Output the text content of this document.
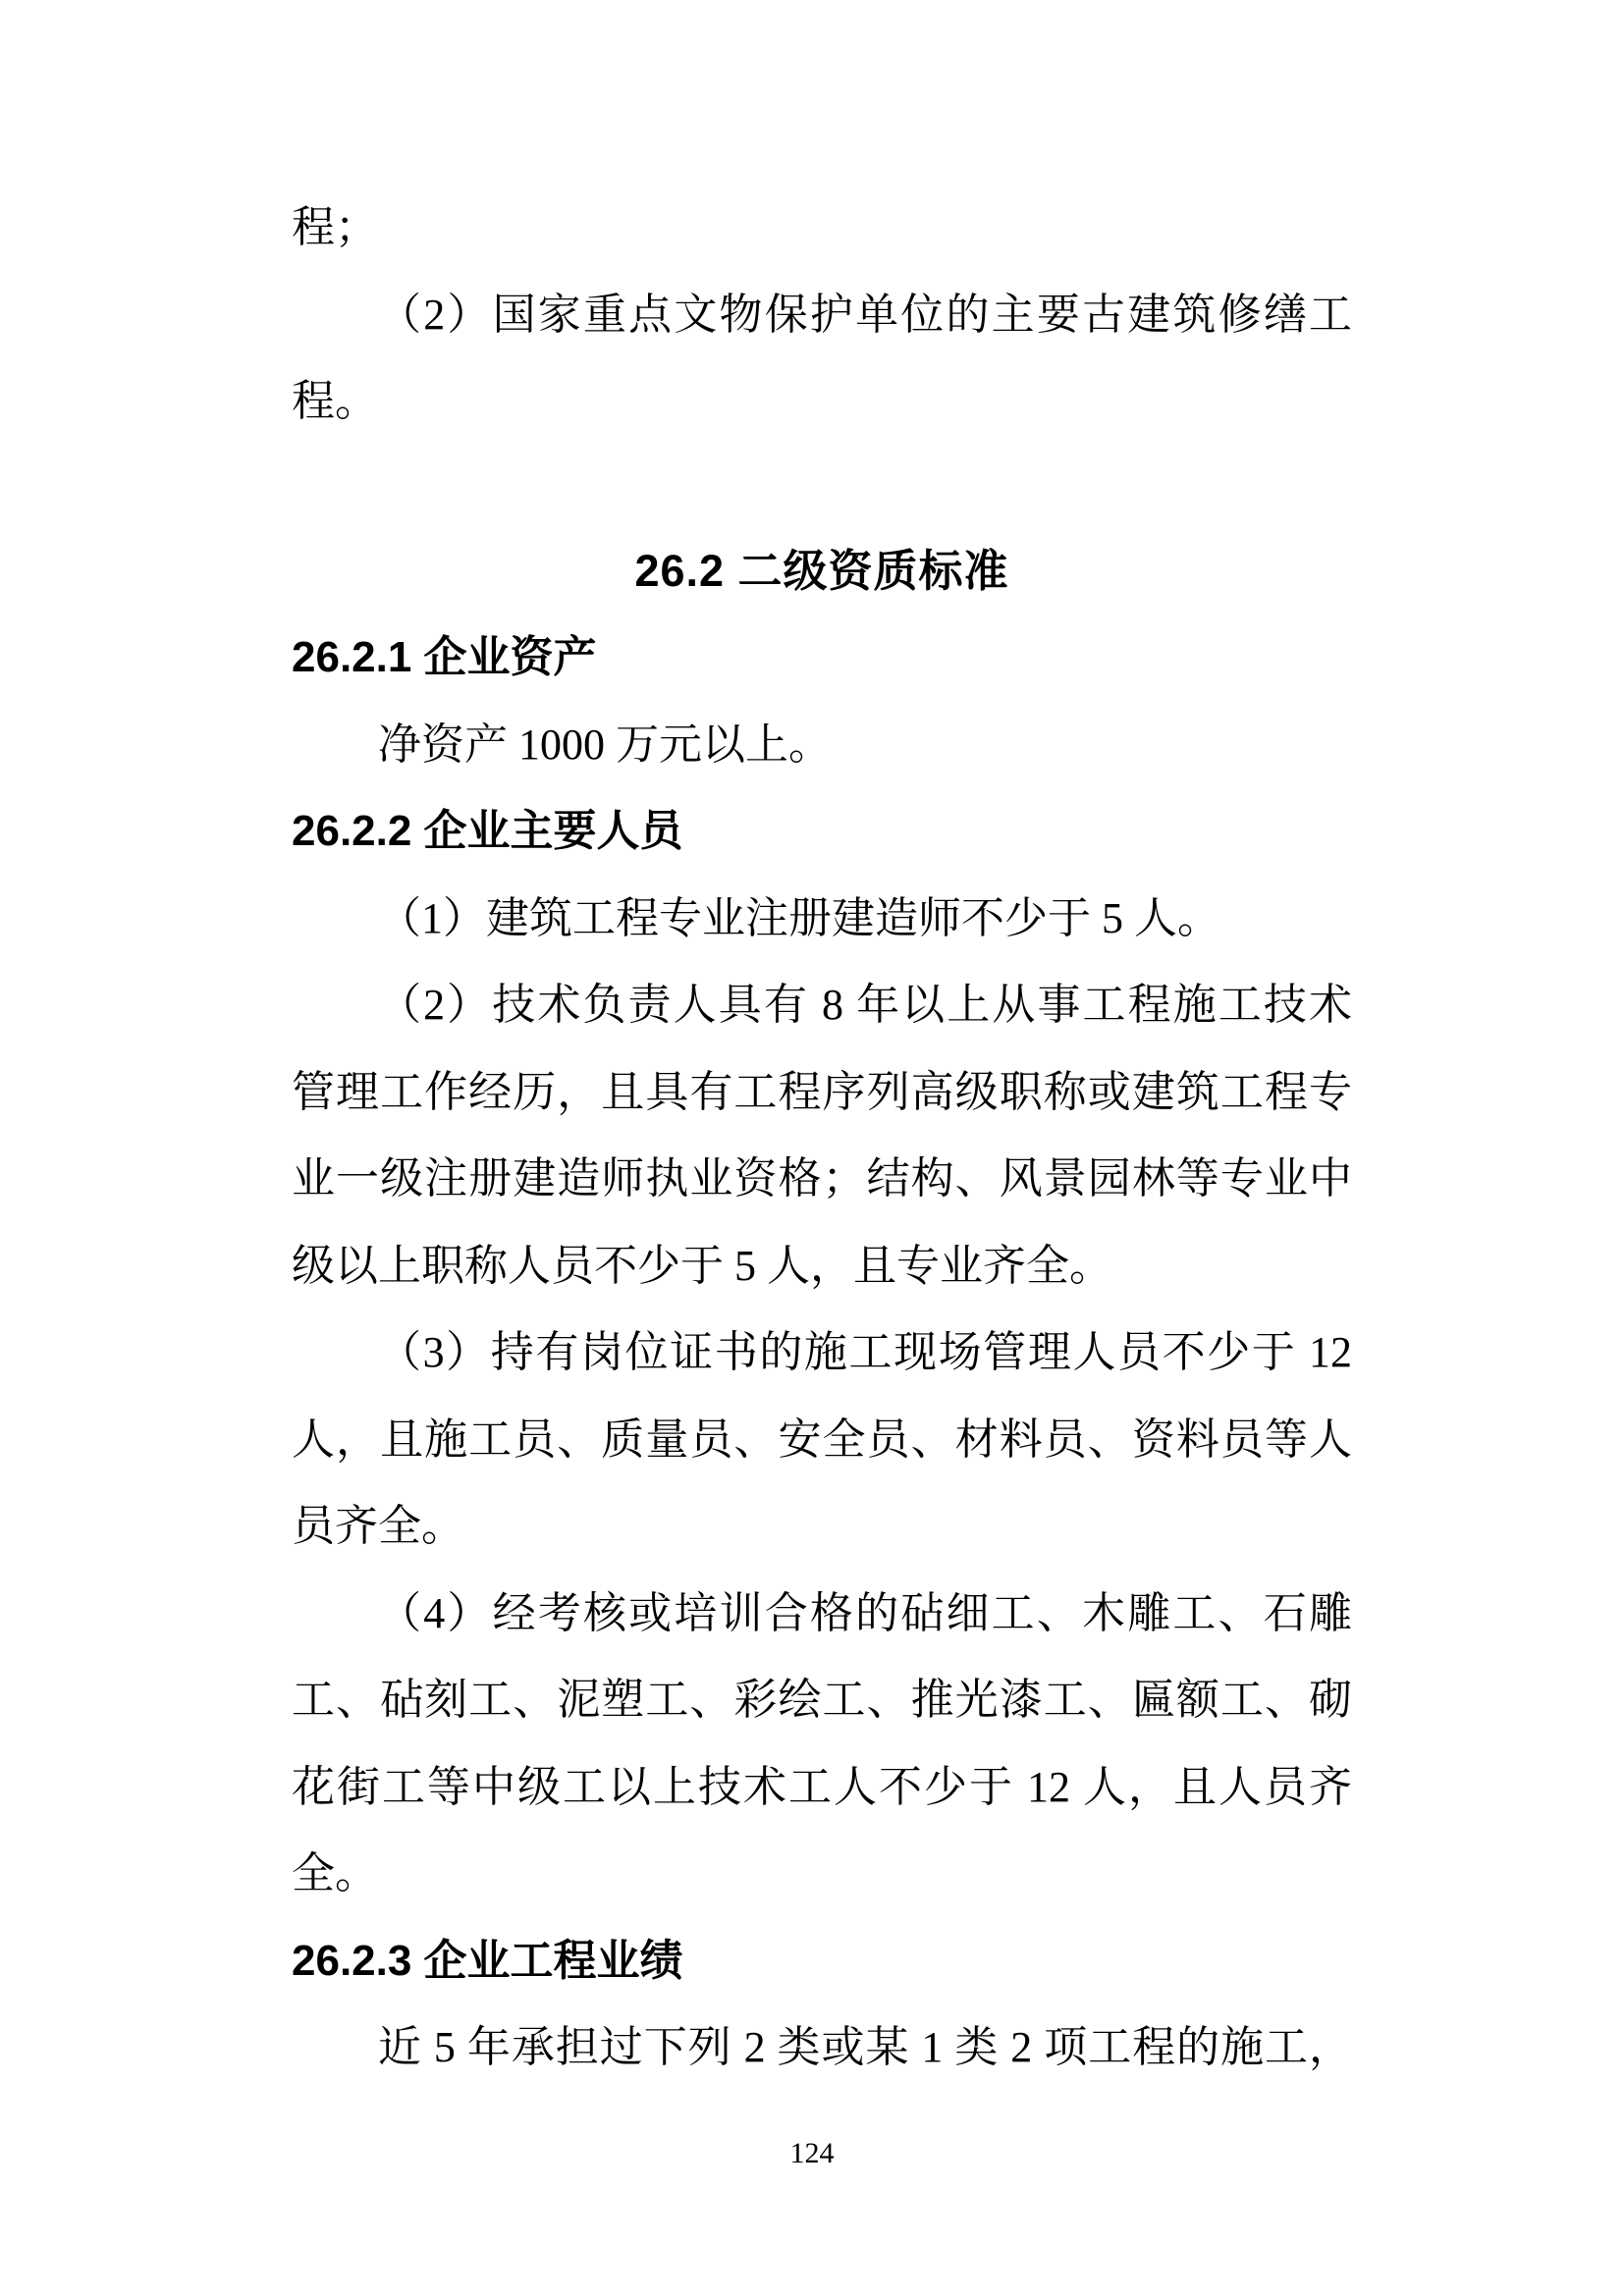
程；
（2）国家重点文物保护单位的主要古建筑修缮工
程。
26.2 二级资质标准
26.2.1 企业资产
净资产 1000 万元以上。
26.2.2 企业主要人员
（1）建筑工程专业注册建造师不少于 5 人。
（2）技术负责人具有 8 年以上从事工程施工技术
管理工作经历，且具有工程序列高级职称或建筑工程专
业一级注册建造师执业资格；结构、风景园林等专业中
级以上职称人员不少于 5 人，且专业齐全。
（3）持有岗位证书的施工现场管理人员不少于 12
人，且施工员、质量员、安全员、材料员、资料员等人
员齐全。
（4）经考核或培训合格的砧细工、木雕工、石雕
工、砧刻工、泥塑工、彩绘工、推光漆工、匾额工、砌
花街工等中级工以上技术工人不少于 12 人，且人员齐
全。
26.2.3 企业工程业绩
近 5 年承担过下列 2 类或某 1 类 2 项工程的施工，
124
